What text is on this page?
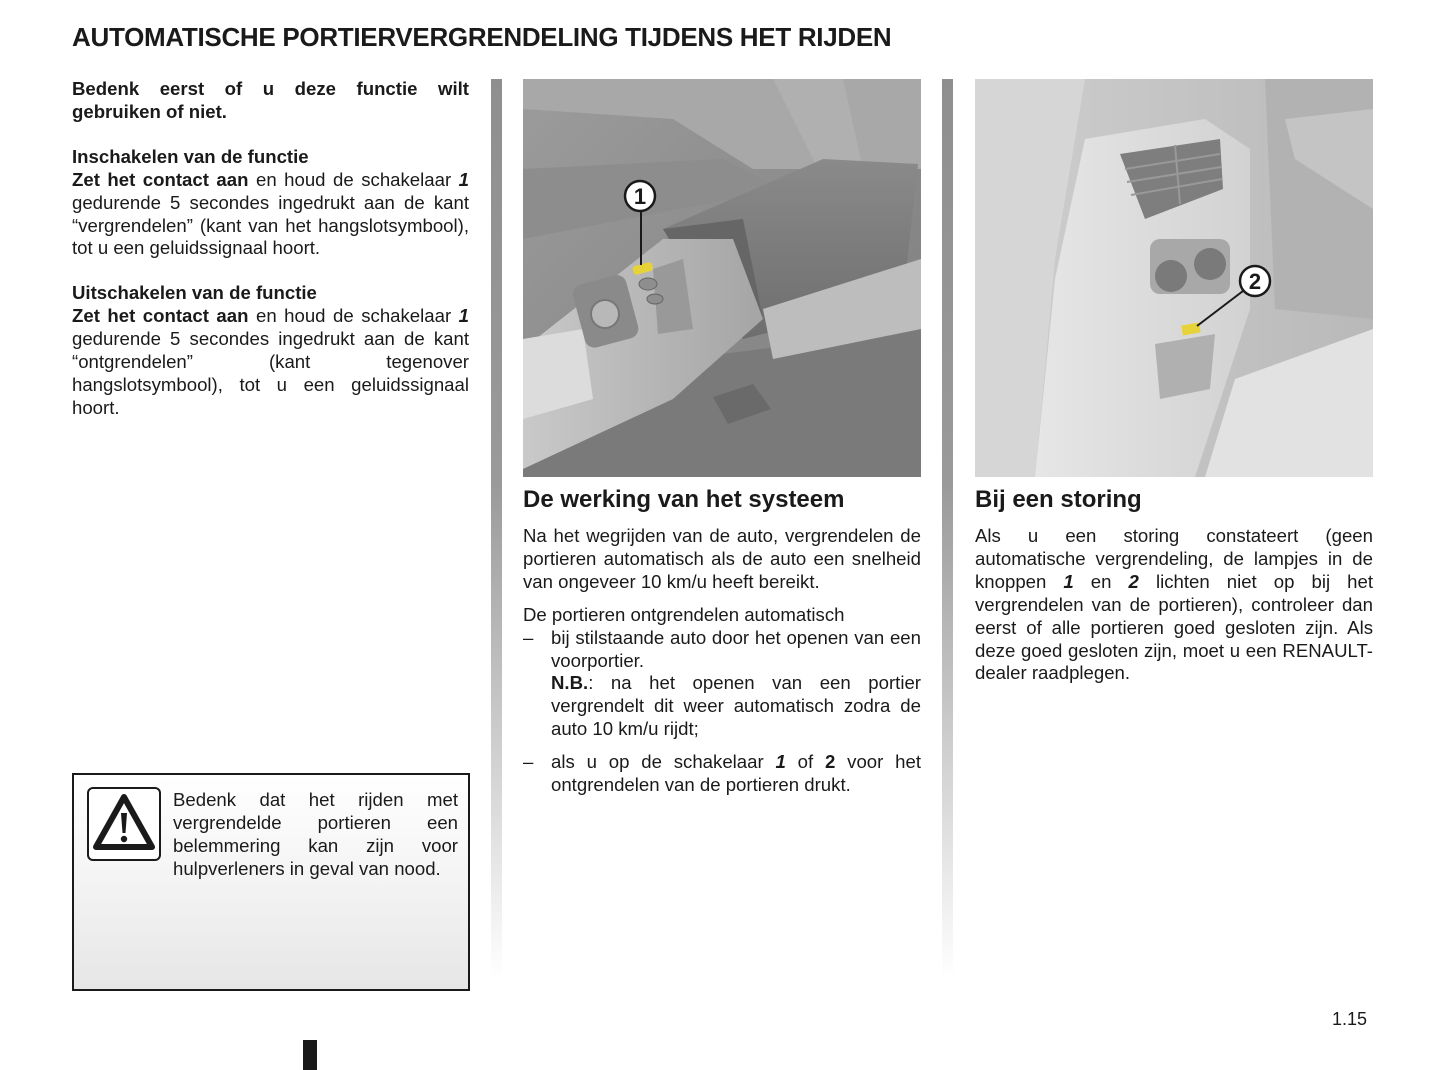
AUTOMATISCHE PORTIERVERGRENDELING TIJDENS HET RIJDEN

Bedenk eerst of u deze functie wilt gebruiken of niet.

Inschakelen van de functie

Zet het contact aan en houd de schakelaar 1 gedurende 5 secondes ingedrukt aan de kant “vergrendelen” (kant van het hangslotsymbool), tot u een geluidssignaal hoort.

Uitschakelen van de functie

Zet het contact aan en houd de schakelaar 1 gedurende 5 secondes ingedrukt aan de kant “ontgrendelen” (kant tegenover hangslotsymbool), tot u een geluidssignaal hoort.

Bedenk dat het rijden met vergrendelde portieren een belemmering kan zijn voor hulpverleners in geval van nood.
1
De werking van het systeem

Na het wegrijden van de auto, vergrendelen de portieren automatisch als de auto een snelheid van ongeveer 10 km/u heeft bereikt.

De portieren ontgrendelen automatisch

– bij stilstaande auto door het openen van een voorportier.
N.B.: na het openen van een portier vergrendelt dit weer automatisch zodra de auto 10 km/u rijdt;
– als u op de schakelaar 1 of 2 voor het ontgrendelen van de portieren drukt.
2
Bij een storing

Als u een storing constateert (geen automatische vergrendeling, de lampjes in de knoppen 1 en 2 lichten niet op bij het vergrendelen van de portieren), controleer dan eerst of alle portieren goed gesloten zijn. Als deze goed gesloten zijn, moet u een RENAULT-dealer raadplegen.

1.15
